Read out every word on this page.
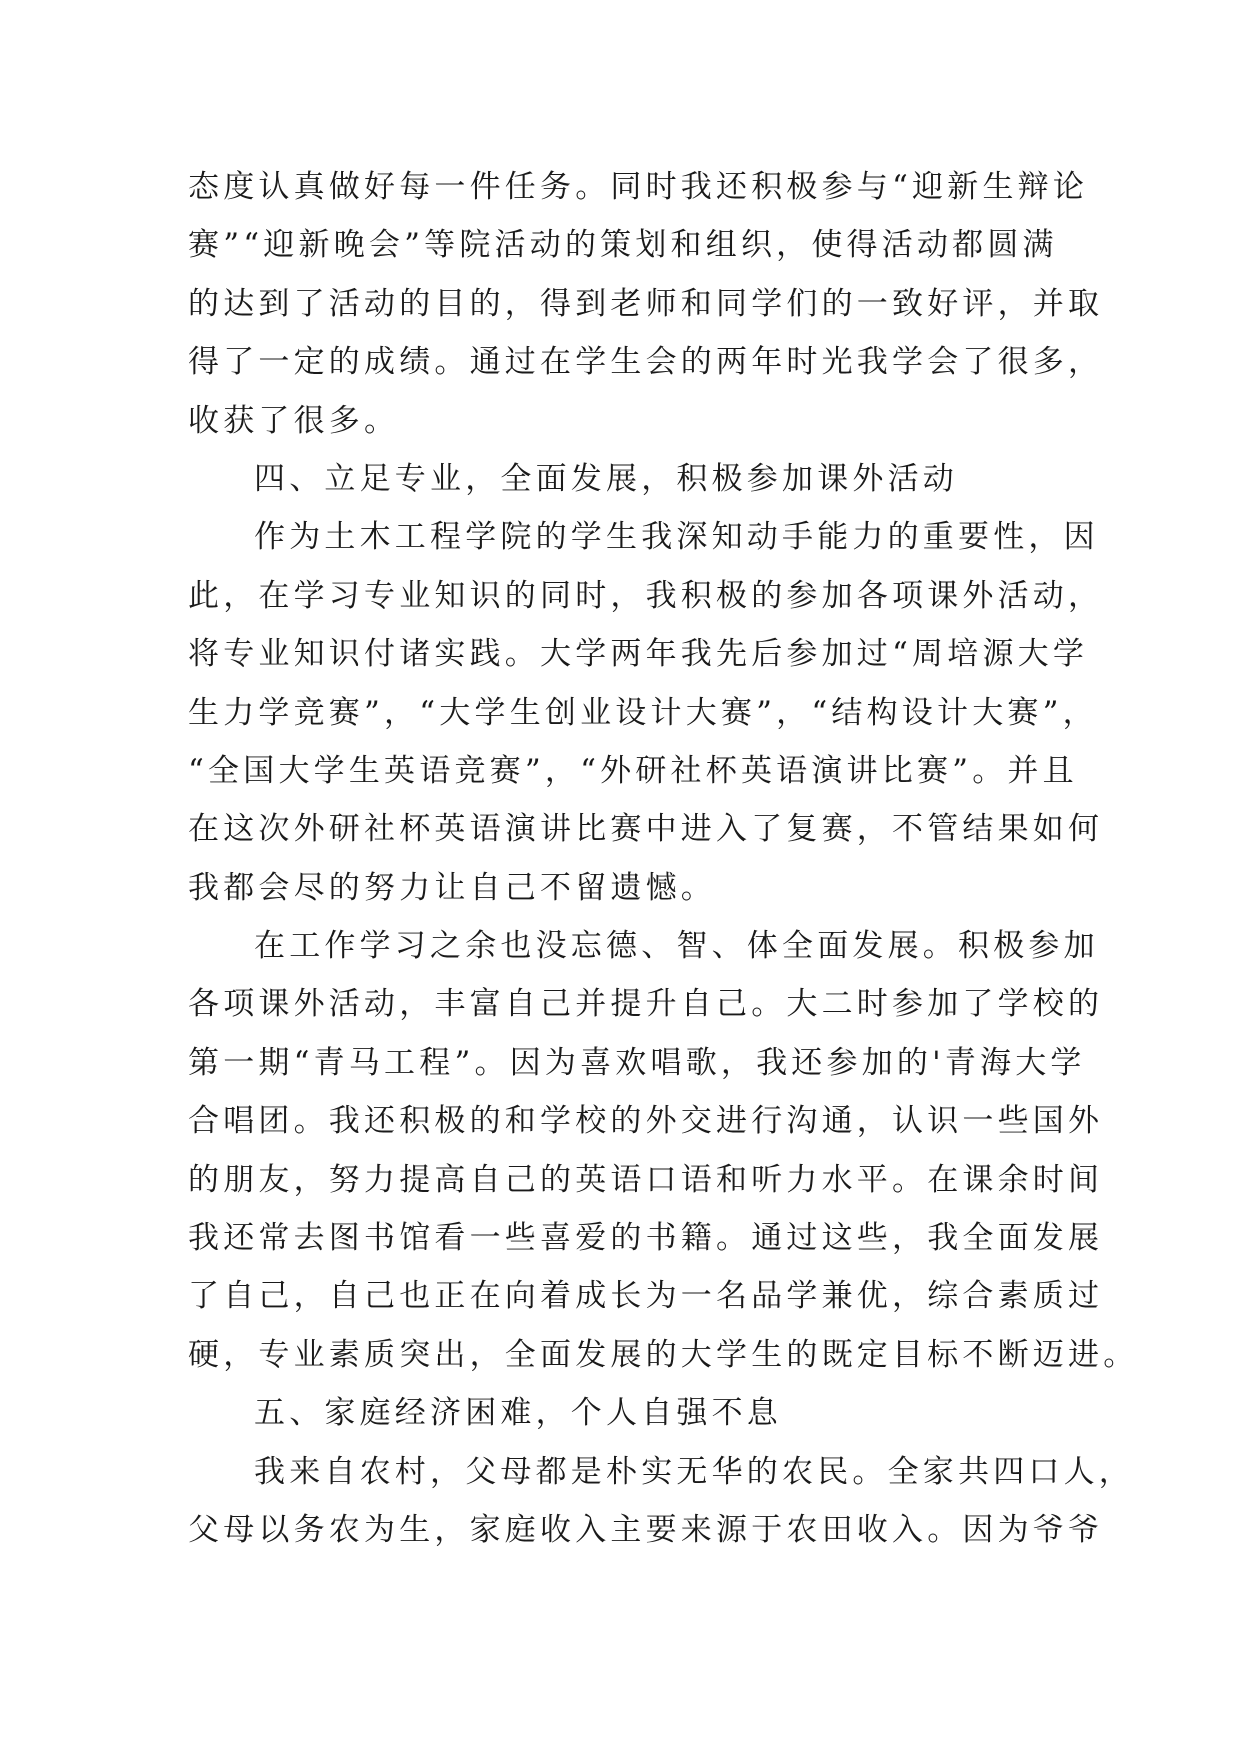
态度认真做好每一件任务。同时我还积极参与“迎新生辩论
赛”“迎新晚会”等院活动的策划和组织，使得活动都圆满
的达到了活动的目的，得到老师和同学们的一致好评，并取
得了一定的成绩。通过在学生会的两年时光我学会了很多，
收获了很多。
四、立足专业，全面发展，积极参加课外活动
作为土木工程学院的学生我深知动手能力的重要性，因
此，在学习专业知识的同时，我积极的参加各项课外活动，
将专业知识付诸实践。大学两年我先后参加过“周培源大学
生力学竞赛”，“大学生创业设计大赛”，“结构设计大赛”，
“全国大学生英语竞赛”，“外研社杯英语演讲比赛”。并且
在这次外研社杯英语演讲比赛中进入了复赛，不管结果如何
我都会尽的努力让自己不留遗憾。
在工作学习之余也没忘德、智、体全面发展。积极参加
各项课外活动，丰富自己并提升自己。大二时参加了学校的
第一期“青马工程”。因为喜欢唱歌，我还参加的'青海大学
合唱团。我还积极的和学校的外交进行沟通，认识一些国外
的朋友，努力提高自己的英语口语和听力水平。在课余时间
我还常去图书馆看一些喜爱的书籍。通过这些，我全面发展
了自己，自己也正在向着成长为一名品学兼优，综合素质过
硬，专业素质突出，全面发展的大学生的既定目标不断迈进。
五、家庭经济困难，个人自强不息
我来自农村，父母都是朴实无华的农民。全家共四口人，
父母以务农为生，家庭收入主要来源于农田收入。因为爷爷
